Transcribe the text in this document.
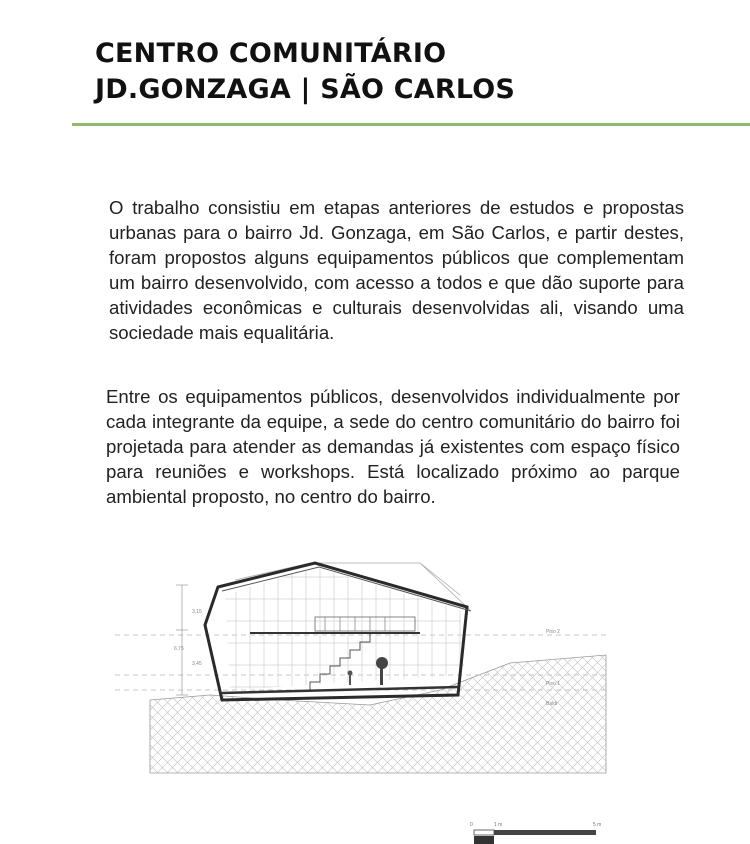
CENTRO COMUNITÁRIO
JD.GONZAGA | SÃO CARLOS

O trabalho consistiu em etapas anteriores de estudos e propostas urbanas para o bairro Jd. Gonzaga, em São Carlos, e partir destes, foram propostos alguns equipamentos públicos que complementam um bairro desenvolvido, com acesso a todos e que dão suporte para atividades econômicas e culturais desenvolvidas ali, visando uma sociedade mais equalitária.

Entre os equipamentos públicos, desenvolvidos individualmente por cada integrante da equipe, a sede do centro comunitário do bairro foi projetada para atender as demandas já existentes com espaço físico para reuniões e workshops. Está localizado próximo ao parque ambiental proposto, no centro do bairro.

3,15
6,75
3,45
Piso 2
Piso 1
Baldr
0	1 m	5 m
